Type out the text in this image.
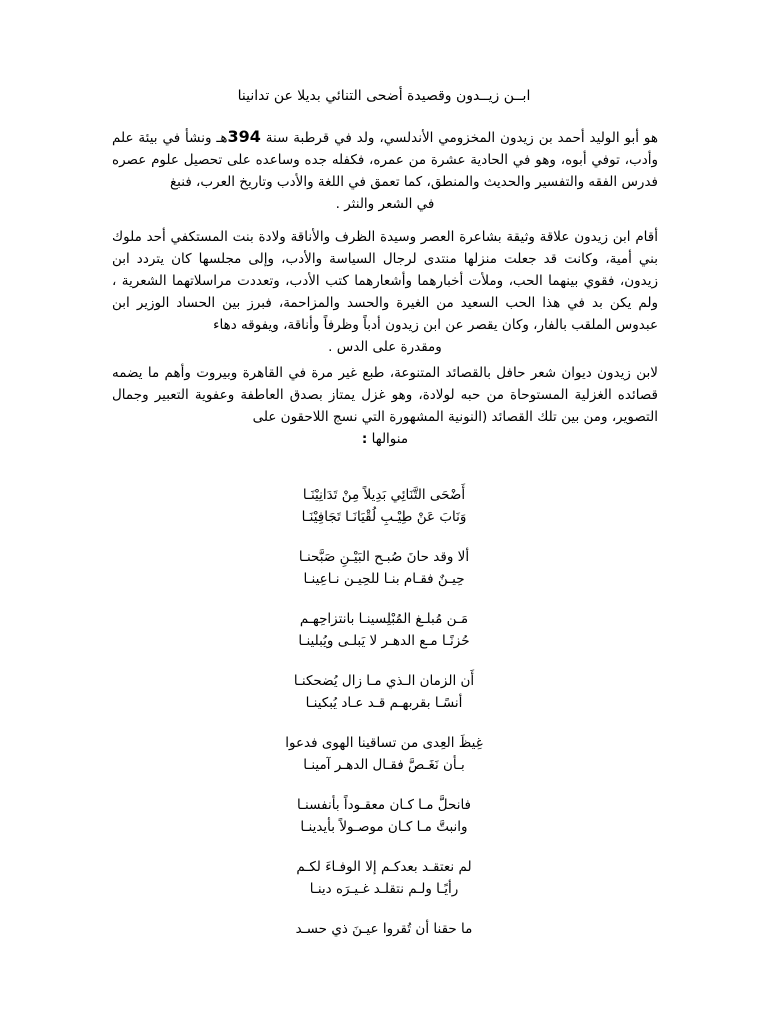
ابــن زيــدون وقصيدة أضحى التنائي بديلا عن تدانينا
هو أبو الوليد أحمد بن زيدون المخزومي الأندلسي، ولد في قرطبة سنة 394هـ ونشأ في بيئة علم وأدب، توفي أبوه، وهو في الحادية عشرة من عمره، فكفله جده وساعده على تحصيل علوم عصره فدرس الفقه والتفسير والحديث والمنطق، كما تعمق في اللغة والأدب وتاريخ العرب، فنبغ
في الشعر والنثر .
أقام ابن زيدون علاقة وثيقة بشاعرة العصر وسيدة الظرف والأناقة ولادة بنت المستكفي أحد ملوك بني أمية، وكانت قد جعلت منزلها منتدى لرجال السياسة والأدب، وإلى مجلسها كان يتردد ابن زيدون، فقوي بينهما الحب، وملأت أخبارهما وأشعارهما كتب الأدب، وتعددت مراسلاتهما الشعرية ، ولم يكن بد في هذا الحب السعيد من الغيرة والحسد والمزاحمة، فبرز بين الحساد الوزير ابن عبدوس الملقب بالفار، وكان يقصر عن ابن زيدون أدباً وظرفاً وأناقة، ويفوقه دهاء
ومقدرة على الدس .
لابن زيدون ديوان شعر حافل بالقصائد المتنوعة، طبع غير مرة في القاهرة وبيروت وأهم ما يضمه قصائده الغزلية المستوحاة من حبه لولادة، وهو غزل يمتاز بصدق العاطفة وعفوية التعبير وجمال التصوير، ومن بين تلك القصائد (النونية المشهورة التي نسج اللاحقون على
منوالها :
أَضْحَى التَّنَائِي بَدِيلاً مِنْ تَدَانِيْنَـا
وَنَابَ عَنْ طِيْـبِ لُقْيَانَـا تَجَافِيْنَـا
ألا وقد حانَ صُبـح البَيْـنِ صَبَّحنـا
حِيـنٌ فقـام بنـا للحِيـن نـاعِينـا
مَـن مُبلـغ المُبْلِسينـا بانتزاحِهـم
حُزنًـا مـع الدهـر لا يَبلـى ويُبلينـا
أَن الزمان الـذي مـا زال يُضحكنـا
أنسًـا بقربهـم قـد عـاد يُبكينـا
غِيظَ العِدى من تساقينا الهوى فدعوا
بـأن نَغَـصَّ فقـال الدهـر آمينـا
فانحلَّ مـا كـان معقـوداً بأنفسنـا
وانبتَّ مـا كـان موصـولاً بأيدينـا
لم نعتقـد بعدكـم إلا الوفـاءَ لكـم
رأيًـا ولـم نتقلـد غـيـرَه دينـا
ما حقنا أن تُقروا عيـنَ ذي حسـد
